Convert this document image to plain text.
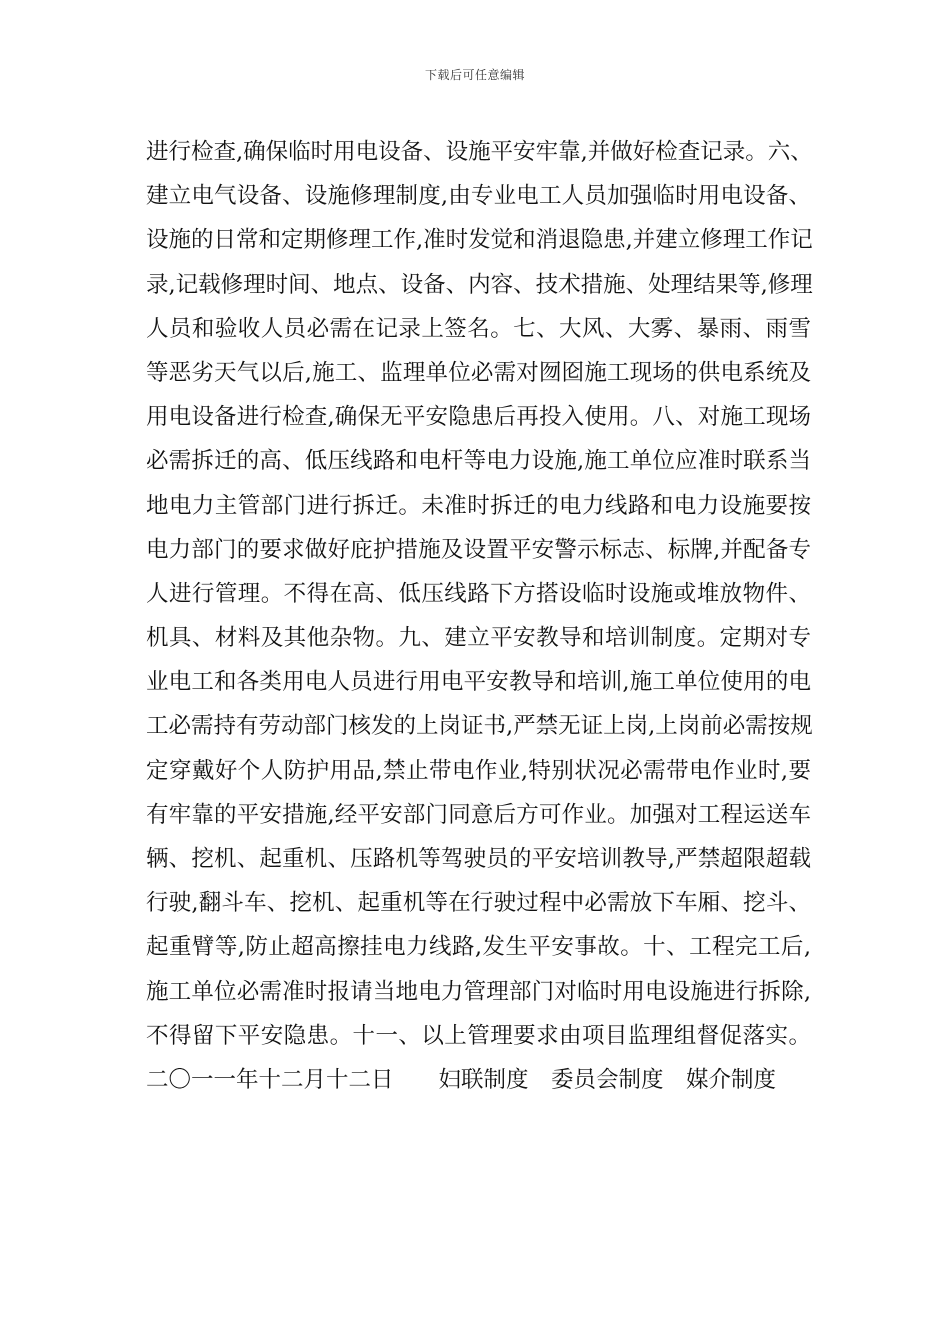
下载后可任意编辑
进行检查,确保临时用电设备、设施平安牢靠,并做好检查记录。六、
建立电气设备、设施修理制度,由专业电工人员加强临时用电设备、
设施的日常和定期修理工作,准时发觉和消退隐患,并建立修理工作记
录,记载修理时间、地点、设备、内容、技术措施、处理结果等,修理
人员和验收人员必需在记录上签名。七、大风、大雾、暴雨、雨雪
等恶劣天气以后,施工、监理单位必需对囫囵施工现场的供电系统及
用电设备进行检查,确保无平安隐患后再投入使用。八、对施工现场
必需拆迁的高、低压线路和电杆等电力设施,施工单位应准时联系当
地电力主管部门进行拆迁。未准时拆迁的电力线路和电力设施要按
电力部门的要求做好庇护措施及设置平安警示标志、标牌,并配备专
人进行管理。不得在高、低压线路下方搭设临时设施或堆放物件、
机具、材料及其他杂物。九、建立平安教导和培训制度。定期对专
业电工和各类用电人员进行用电平安教导和培训,施工单位使用的电
工必需持有劳动部门核发的上岗证书,严禁无证上岗,上岗前必需按规
定穿戴好个人防护用品,禁止带电作业,特别状况必需带电作业时,要
有牢靠的平安措施,经平安部门同意后方可作业。加强对工程运送车
辆、挖机、起重机、压路机等驾驶员的平安培训教导,严禁超限超载
行驶,翻斗车、挖机、起重机等在行驶过程中必需放下车厢、挖斗、
起重臂等,防止超高擦挂电力线路,发生平安事故。十、工程完工后,
施工单位必需准时报请当地电力管理部门对临时用电设施进行拆除,
不得留下平安隐患。十一、以上管理要求由项目监理组督促落实。
二〇一一年十二月十二日　　妇联制度　委员会制度　媒介制度
